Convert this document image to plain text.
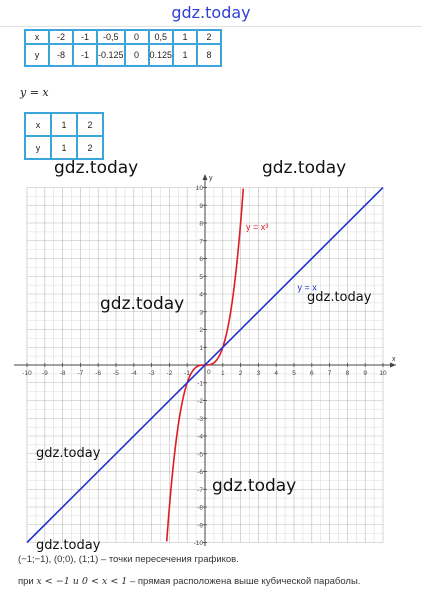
gdz.today
x	-2	-1	-0,5	0	0,5	1	2
y	-8	-1	-0.125	0	0.125	1	8
y = x
x	1	2
y	1	2
x
y
-10 -9 -8 -7 -6 -5 -4 -3 -2 -1	1 2 3 4 5 6 7 8 9 10
-10
-9
-8
-7
-6
-5
-4
-3
-2
-1
1
2
3
4
5
6
7
8
9
10
0
y = x³
y = x
gdz.today	gdz.today
gdz.today	gdz.today
gdz.today
gdz.today
gdz.today
(−1;−1), (0;0), (1;1) – точки пересечения графиков.
при x < −1 и 0 < x < 1 – прямая расположена выше кубической параболы.
